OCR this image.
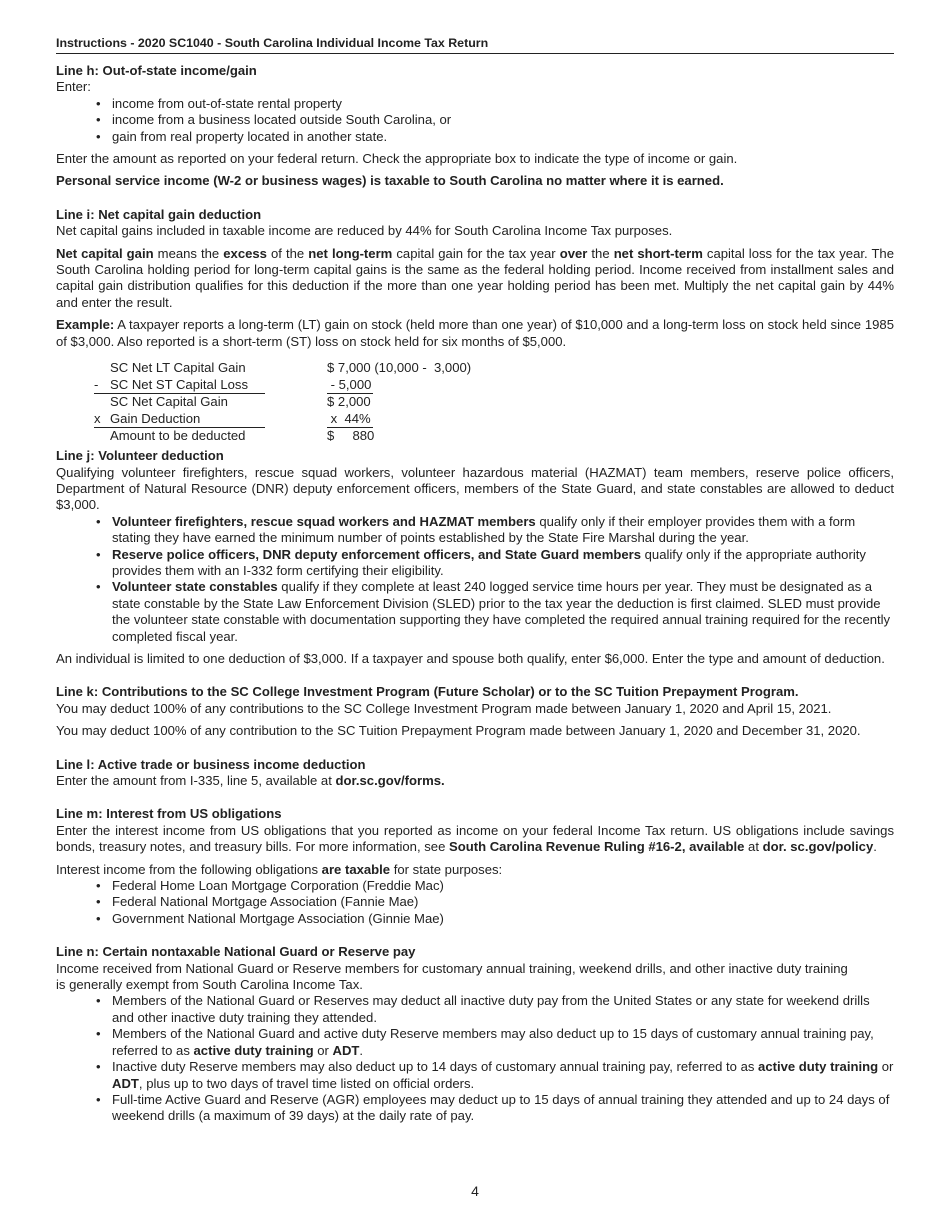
Instructions - 2020 SC1040 - South Carolina Individual Income Tax Return

Line h: Out-of-state income/gain

Enter:

• income from out-of-state rental property
• income from a business located outside South Carolina, or
• gain from real property located in another state.

Enter the amount as reported on your federal return. Check the appropriate box to indicate the type of income or gain.

Personal service income (W-2 or business wages) is taxable to South Carolina no matter where it is earned.

Line i: Net capital gain deduction

Net capital gains included in taxable income are reduced by 44% for South Carolina Income Tax purposes.

Net capital gain means the excess of the net long-term capital gain for the tax year over the net short-term capital loss for the tax year. The South Carolina holding period for long-term capital gains is the same as the federal holding period. Income received from installment sales and capital gain distribution qualifies for this deduction if the more than one year holding period has been met. Multiply the net capital gain by 44% and enter the result.

Example: A taxpayer reports a long-term (LT) gain on stock (held more than one year) of $10,000 and a long-term loss on stock held since 1985 of $3,000. Also reported is a short-term (ST) loss on stock held for six months of $5,000.

SC Net LT Capital Gain	$ 7,000 (10,000 -  3,000)
- SC Net ST Capital Loss	- 5,000
SC Net Capital Gain	$ 2,000
x Gain Deduction	x  44%
Amount to be deducted	$     880

Line j: Volunteer deduction

Qualifying volunteer firefighters, rescue squad workers, volunteer hazardous material (HAZMAT) team members, reserve police officers, Department of Natural Resource (DNR) deputy enforcement officers, members of the State Guard, and state constables are allowed to deduct $3,000.

• Volunteer firefighters, rescue squad workers and HAZMAT members qualify only if their employer provides them with a form stating they have earned the minimum number of points established by the State Fire Marshal during the year.
• Reserve police officers, DNR deputy enforcement officers, and State Guard members qualify only if the appropriate authority provides them with an I-332 form certifying their eligibility.
• Volunteer state constables qualify if they complete at least 240 logged service time hours per year. They must be designated as a state constable by the State Law Enforcement Division (SLED) prior to the tax year the deduction is first claimed. SLED must provide the volunteer state constable with documentation supporting they have completed the required annual training required for the recently completed fiscal year.

An individual is limited to one deduction of $3,000. If a taxpayer and spouse both qualify, enter $6,000. Enter the type and amount of deduction.

Line k: Contributions to the SC College Investment Program (Future Scholar) or to the SC Tuition Prepayment Program.

You may deduct 100% of any contributions to the SC College Investment Program made between January 1, 2020 and April 15, 2021.

You may deduct 100% of any contribution to the SC Tuition Prepayment Program made between January 1, 2020 and December 31, 2020.

Line l: Active trade or business income deduction

Enter the amount from I-335, line 5, available at dor.sc.gov/forms.

Line m: Interest from US obligations

Enter the interest income from US obligations that you reported as income on your federal Income Tax return. US obligations include savings bonds, treasury notes, and treasury bills. For more information, see South Carolina Revenue Ruling #16-2, available at dor. sc.gov/policy.

Interest income from the following obligations are taxable for state purposes:

• Federal Home Loan Mortgage Corporation (Freddie Mac)
• Federal National Mortgage Association (Fannie Mae)
• Government National Mortgage Association (Ginnie Mae)

Line n: Certain nontaxable National Guard or Reserve pay

Income received from National Guard or Reserve members for customary annual training, weekend drills, and other inactive duty training is generally exempt from South Carolina Income Tax.

• Members of the National Guard or Reserves may deduct all inactive duty pay from the United States or any state for weekend drills and other inactive duty training they attended.
• Members of the National Guard and active duty Reserve members may also deduct up to 15 days of customary annual training pay, referred to as active duty training or ADT.
• Inactive duty Reserve members may also deduct up to 14 days of customary annual training pay, referred to as active duty training or ADT, plus up to two days of travel time listed on official orders.
• Full-time Active Guard and Reserve (AGR) employees may deduct up to 15 days of annual training they attended and up to 24 days of weekend drills (a maximum of 39 days) at the daily rate of pay.
4
